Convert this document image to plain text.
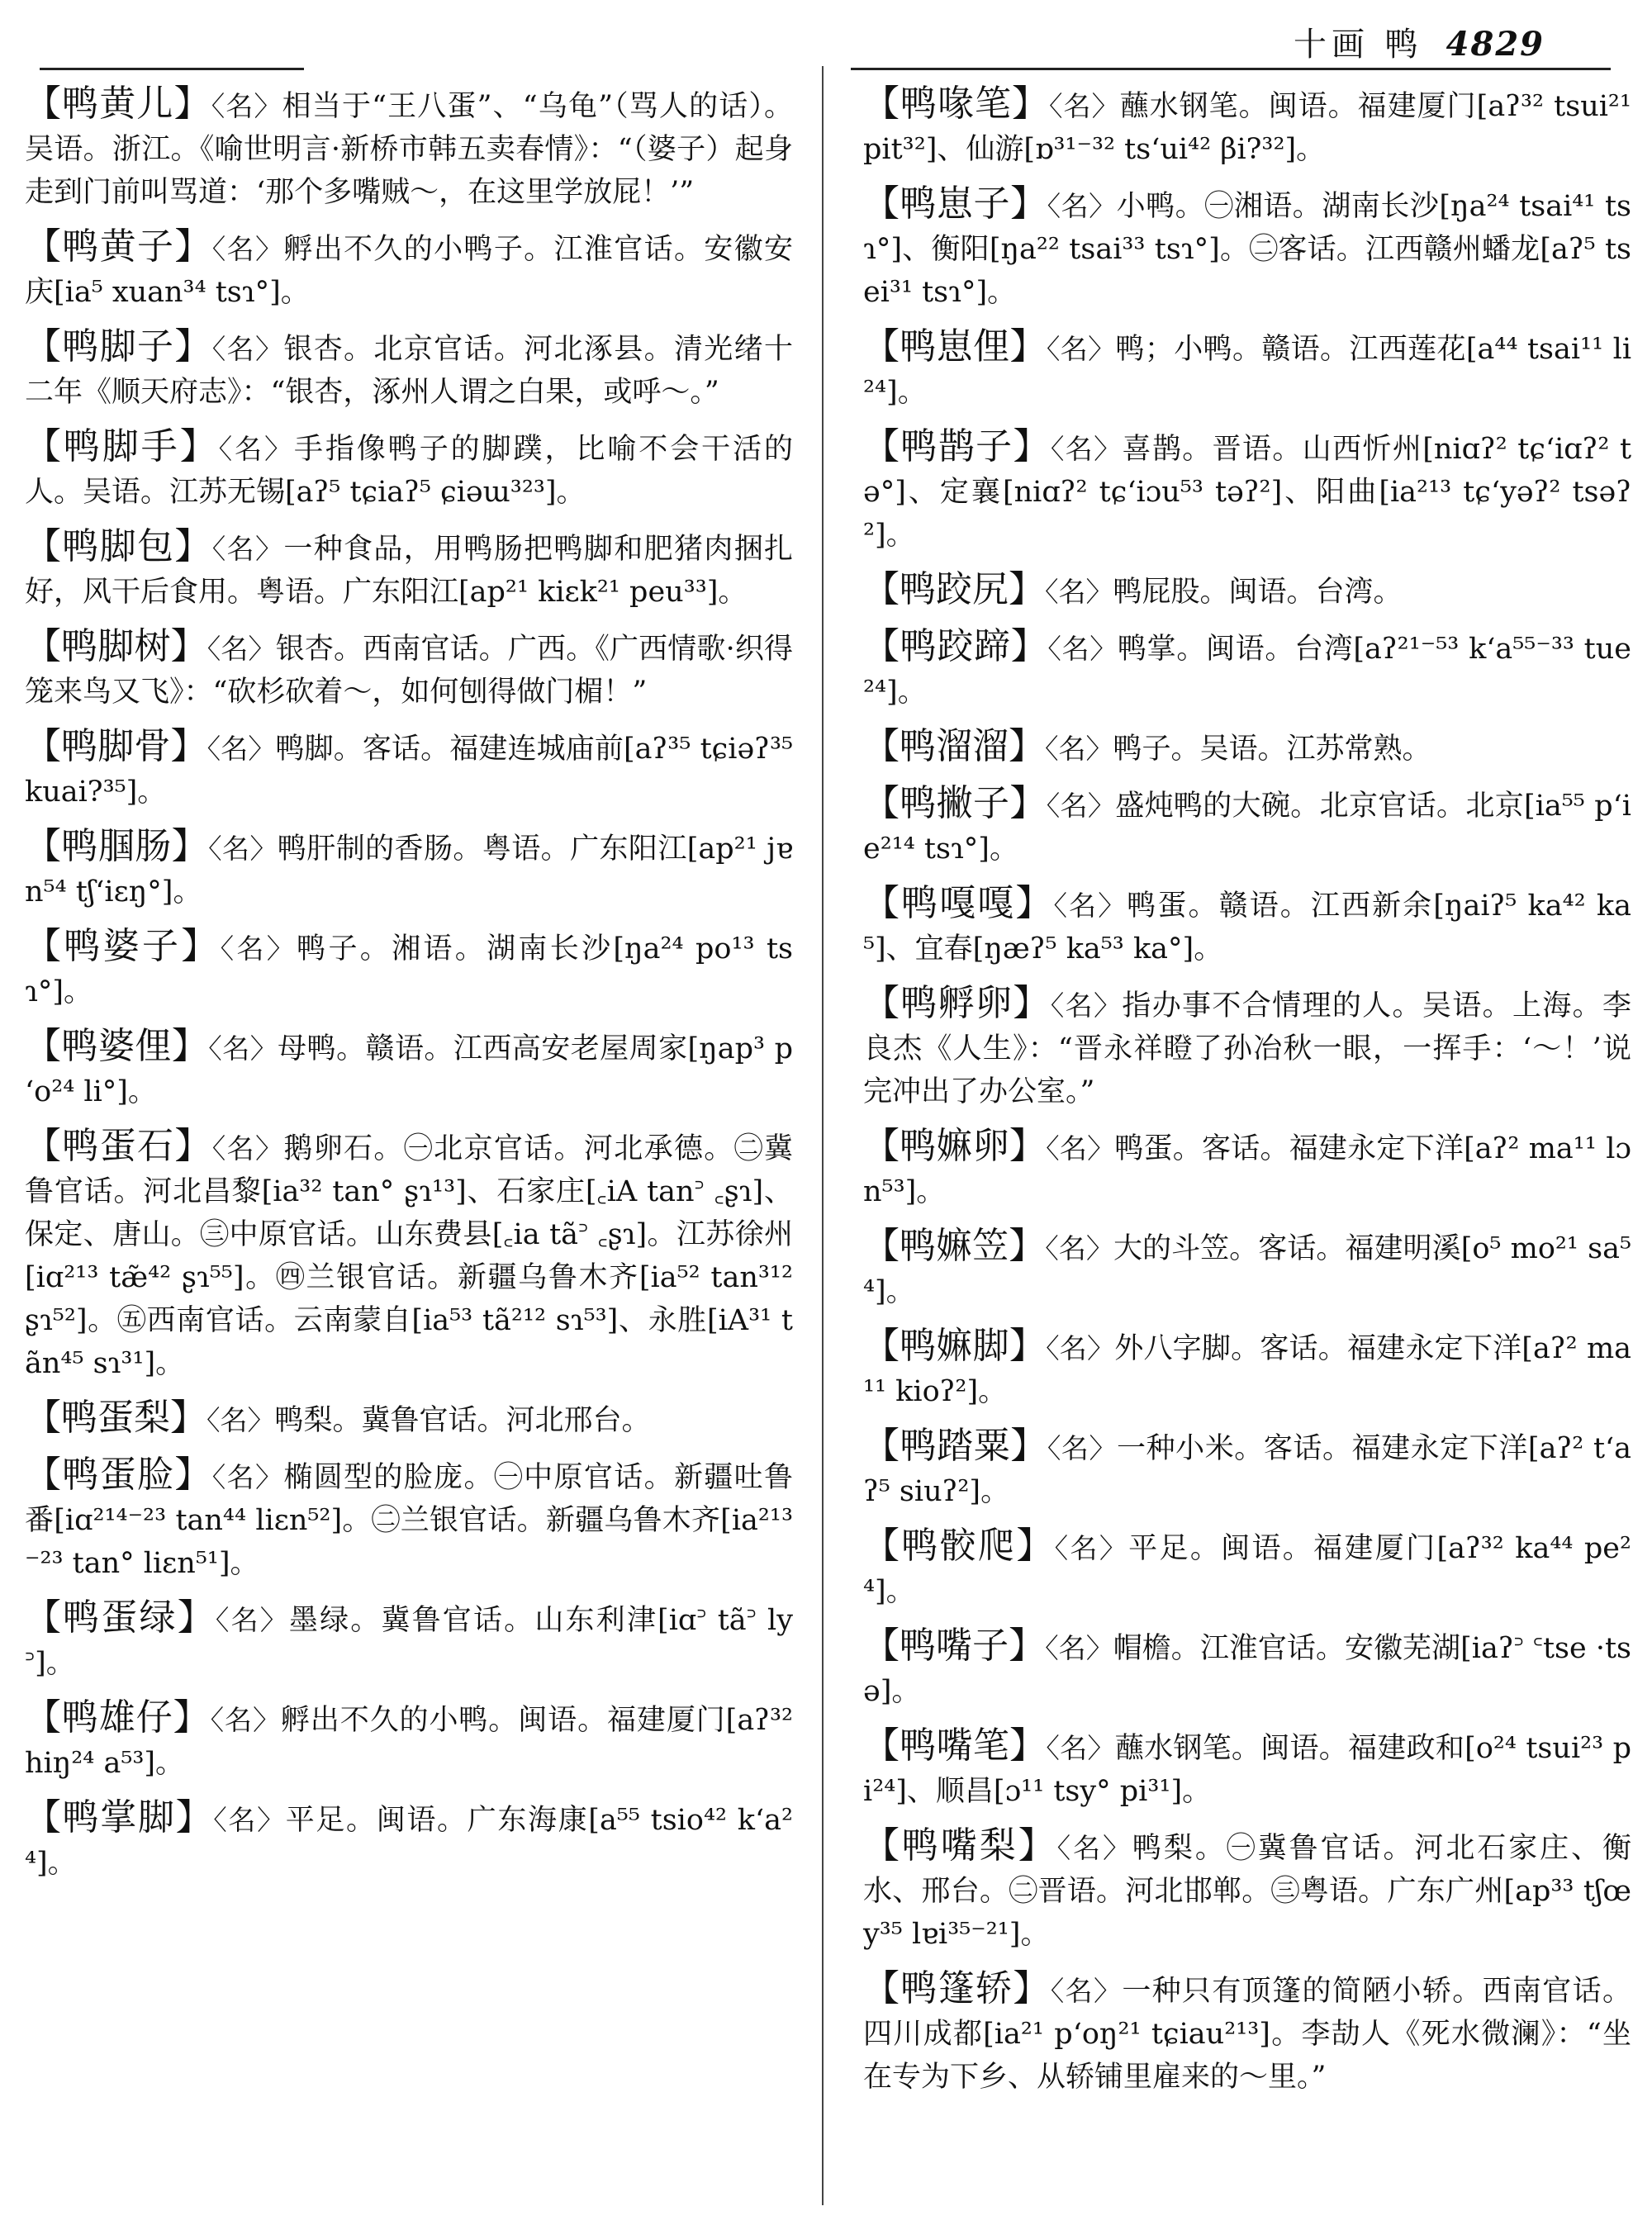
十画 鸭 4829
【鸭黄儿】〈名〉相当于“王八蛋”、“乌龟”（骂人的话）。吴语。浙江。《喻世明言·新桥市韩五卖春情》：“（婆子）起身走到门前叫骂道：‘那个多嘴贼～，在这里学放屁！’”
【鸭黄子】〈名〉孵出不久的小鸭子。江淮官话。安徽安庆[ia⁵ xuan³⁴ tsɿ°]。
【鸭脚子】〈名〉银杏。北京官话。河北涿县。清光绪十二年《顺天府志》：“银杏，涿州人谓之白果，或呼～。”
【鸭脚手】〈名〉手指像鸭子的脚蹼，比喻不会干活的人。吴语。江苏无锡[aʔ⁵ tɕiaʔ⁵ ɕiəɯ³²³]。
【鸭脚包】〈名〉一种食品，用鸭肠把鸭脚和肥猪肉捆扎好，风干后食用。粤语。广东阳江[ap²¹ kiɛk²¹ peu³³]。
【鸭脚树】〈名〉银杏。西南官话。广西。《广西情歌·织得笼来鸟又飞》：“砍杉砍着～，如何刨得做门楣！”
【鸭脚骨】〈名〉鸭脚。客话。福建连城庙前[aʔ³⁵ tɕiəʔ³⁵ kuai?³⁵]。
【鸭腘肠】〈名〉鸭肝制的香肠。粤语。广东阳江[ap²¹ jɐn⁵⁴ tʃʻiɛŋ°]。
【鸭婆子】〈名〉鸭子。湘语。湖南长沙[ŋa²⁴ po¹³ tsɿ°]。
【鸭婆俚】〈名〉母鸭。赣语。江西高安老屋周家[ŋap³ pʻo²⁴ li°]。
【鸭蛋石】〈名〉鹅卵石。㊀北京官话。河北承德。㊁冀鲁官话。河北昌黎[ia³² tan° ʂɿ¹³]、石家庄[꜀iA tan꜄ ꜀ʂɿ]、保定、唐山。㊂中原官话。山东费县[꜀ia tã꜄ ꜀ʂɿ]。江苏徐州[iɑ²¹³ tæ̃⁴² ʂɿ⁵⁵]。㊃兰银官话。新疆乌鲁木齐[ia⁵² tan³¹² ʂɿ⁵²]。㊄西南官话。云南蒙自[ia⁵³ tã²¹² sɿ⁵³]、永胜[iA³¹ tãn⁴⁵ sɿ³¹]。
【鸭蛋梨】〈名〉鸭梨。冀鲁官话。河北邢台。
【鸭蛋脸】〈名〉椭圆型的脸庞。㊀中原官话。新疆吐鲁番[iɑ²¹⁴⁻²³ tan⁴⁴ liɛn⁵²]。㊁兰银官话。新疆乌鲁木齐[ia²¹³⁻²³ tan° liɛn⁵¹]。
【鸭蛋绿】〈名〉墨绿。冀鲁官话。山东利津[iɑ꜄ tã꜄ ly꜄]。
【鸭雄仔】〈名〉孵出不久的小鸭。闽语。福建厦门[aʔ³² hiŋ²⁴ a⁵³]。
【鸭掌脚】〈名〉平足。闽语。广东海康[a⁵⁵ tsio⁴² kʻa²⁴]。
【鸭喙笔】〈名〉蘸水钢笔。闽语。福建厦门[aʔ³² tsui²¹ pit³²]、仙游[ɒ³¹⁻³² tsʻui⁴² βi?³²]。
【鸭崽子】〈名〉小鸭。㊀湘语。湖南长沙[ŋa²⁴ tsai⁴¹ tsɿ°]、衡阳[ŋa²² tsai³³ tsɿ°]。㊁客话。江西赣州蟠龙[aʔ⁵ tsei³¹ tsɿ°]。
【鸭崽俚】〈名〉鸭；小鸭。赣语。江西莲花[a⁴⁴ tsai¹¹ li²⁴]。
【鸭鹊子】〈名〉喜鹊。晋语。山西忻州[niɑʔ² tɕʻiɑʔ² tə°]、定襄[niɑʔ² tɕʻiɔu⁵³ təʔ²]、阳曲[ia²¹³ tɕʻyəʔ² tsəʔ²]。
【鸭跤尻】〈名〉鸭屁股。闽语。台湾。
【鸭跤蹄】〈名〉鸭掌。闽语。台湾[aʔ²¹⁻⁵³ kʻa⁵⁵⁻³³ tue²⁴]。
【鸭溜溜】〈名〉鸭子。吴语。江苏常熟。
【鸭撇子】〈名〉盛炖鸭的大碗。北京官话。北京[ia⁵⁵ pʻie²¹⁴ tsɿ°]。
【鸭嘎嘎】〈名〉鸭蛋。赣语。江西新余[ŋaiʔ⁵ ka⁴² ka⁵]、宜春[ŋæʔ⁵ ka⁵³ ka°]。
【鸭孵卵】〈名〉指办事不合情理的人。吴语。上海。李良杰《人生》：“晋永祥瞪了孙冶秋一眼，一挥手：‘～！’说完冲出了办公室。”
【鸭嫲卵】〈名〉鸭蛋。客话。福建永定下洋[aʔ² ma¹¹ lɔn⁵³]。
【鸭嫲笠】〈名〉大的斗笠。客话。福建明溪[o⁵ mo²¹ sa⁵⁴]。
【鸭嫲脚】〈名〉外八字脚。客话。福建永定下洋[aʔ² ma¹¹ kioʔ²]。
【鸭踏粟】〈名〉一种小米。客话。福建永定下洋[aʔ² tʻaʔ⁵ siuʔ²]。
【鸭骹爬】〈名〉平足。闽语。福建厦门[aʔ³² ka⁴⁴ pe²⁴]。
【鸭嘴子】〈名〉帽檐。江淮官话。安徽芜湖[iaʔ꜄ ꜂tse ·tsə]。
【鸭嘴笔】〈名〉蘸水钢笔。闽语。福建政和[o²⁴ tsui²³ pi²⁴]、顺昌[ɔ¹¹ tsy° pi³¹]。
【鸭嘴梨】〈名〉鸭梨。㊀冀鲁官话。河北石家庄、衡水、邢台。㊁晋语。河北邯郸。㊂粤语。广东广州[ap³³ tʃœy³⁵ lɐi³⁵⁻²¹]。
【鸭篷轿】〈名〉一种只有顶篷的简陋小轿。西南官话。四川成都[ia²¹ pʻoŋ²¹ tɕiau²¹³]。李劼人《死水微澜》：“坐在专为下乡、从轿铺里雇来的～里。”
